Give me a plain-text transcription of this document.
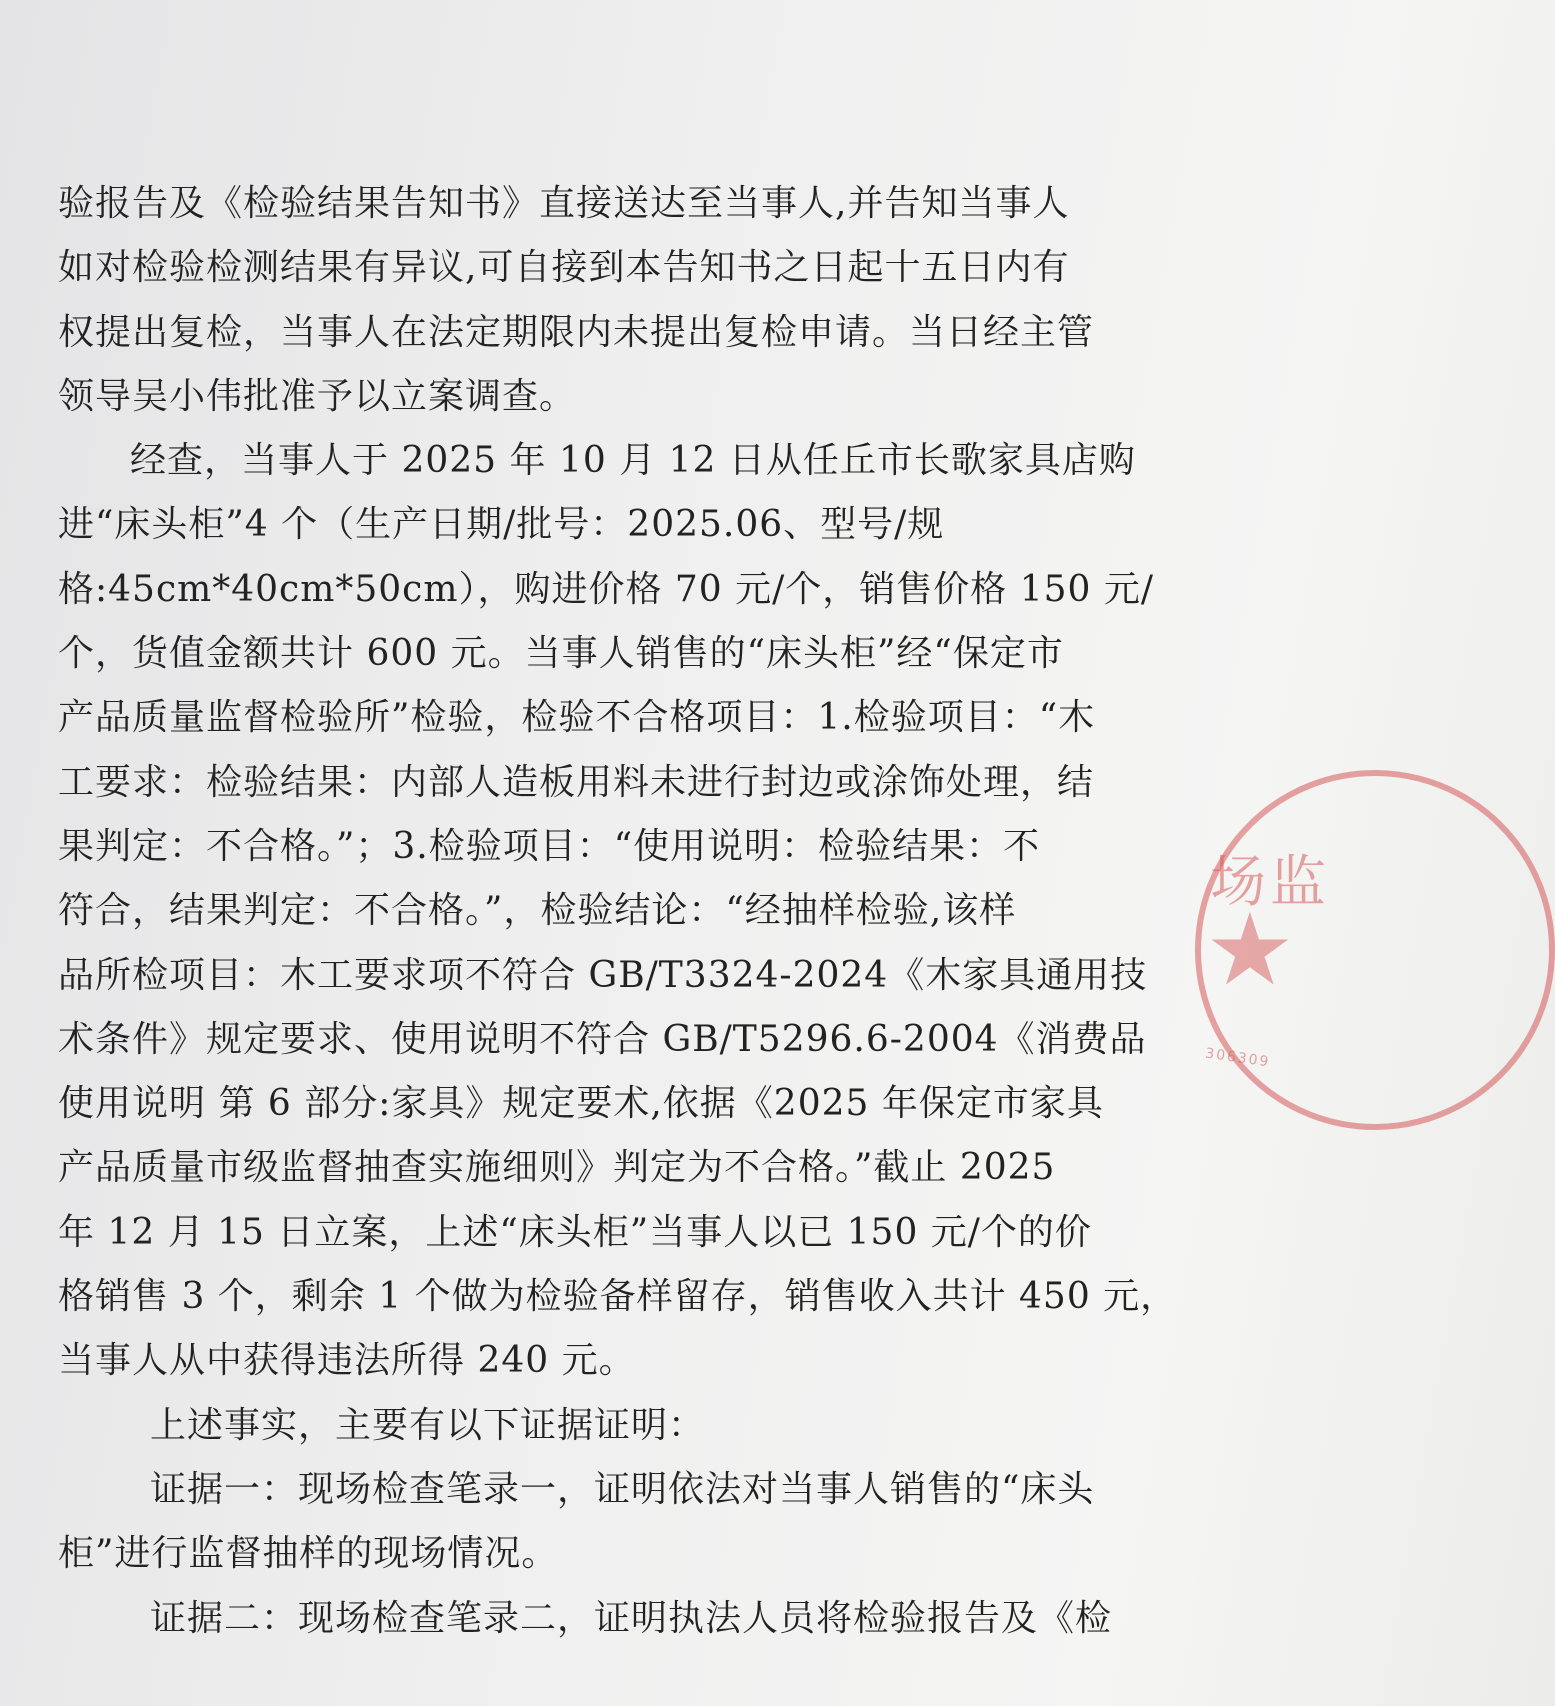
验报告及《检验结果告知书》直接送达至当事人,并告知当事人
如对检验检测结果有异议,可自接到本告知书之日起十五日内有
权提出复检，当事人在法定期限内未提出复检申请。当日经主管
领导吴小伟批准予以立案调查。
经查，当事人于 2025 年 10 月 12 日从任丘市长歌家具店购
进“床头柜”4 个（生产日期/批号：2025.06、型号/规
格:45cm*40cm*50cm），购进价格 70 元/个，销售价格 150 元/
个，货值金额共计 600 元。当事人销售的“床头柜”经“保定市
产品质量监督检验所”检验，检验不合格项目：1.检验项目：“木
工要求：检验结果：内部人造板用料未进行封边或涂饰处理，结
果判定：不合格。”；3.检验项目：“使用说明：检验结果：不
符合，结果判定：不合格。”，检验结论：“经抽样检验,该样
品所检项目：木工要求项不符合 GB/T3324-2024《木家具通用技
术条件》规定要求、使用说明不符合 GB/T5296.6-2004《消费品
使用说明 第 6 部分:家具》规定要术,依据《2025 年保定市家具
产品质量市级监督抽查实施细则》判定为不合格。”截止 2025
年 12 月 15 日立案，上述“床头柜”当事人以已 150 元/个的价
格销售 3 个，剩余 1 个做为检验备样留存，销售收入共计 450 元，
当事人从中获得违法所得 240 元。
上述事实，主要有以下证据证明：
证据一：现场检查笔录一，证明依法对当事人销售的“床头
柜”进行监督抽样的现场情况。
证据二：现场检查笔录二，证明执法人员将检验报告及《检
场监
★
306309
